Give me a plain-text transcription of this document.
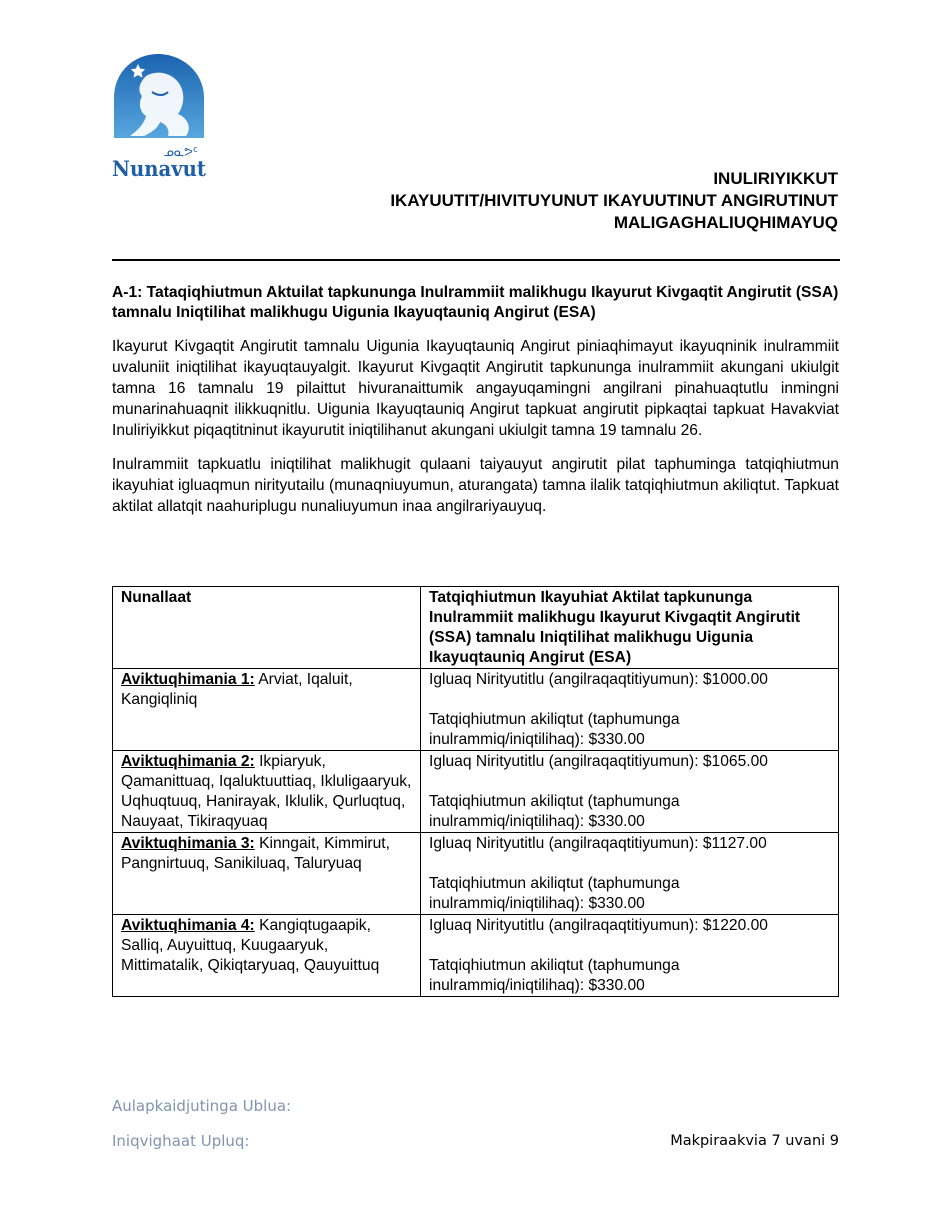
ᓄᓇᕗᑦ
Nunavut	INULIRIYIKKUT
IKAYUUTIT/HIVITUYUNUT IKAYUUTINUT ANGIRUTINUT
MALIGAGHALIUQHIMAYUQ
A-1: Tataqiqhiutmun Aktuilat tapkununga Inulrammiit malikhugu Ikayurut Kivgaqtit Angirutit (SSA) tamnalu Iniqtilihat malikhugu Uigunia Ikayuqtauniq Angirut (ESA)

Ikayurut Kivgaqtit Angirutit tamnalu Uigunia Ikayuqtauniq Angirut piniaqhimayut ikayuqninik inulrammiit uvaluniit iniqtilihat ikayuqtauyalgit. Ikayurut Kivgaqtit Angirutit tapkununga inulrammiit akungani ukiulgit tamna 16 tamnalu 19 pilaittut hivuranaittumik angayuqamingni angilrani pinahuaqtutlu inmingni munarinahuaqnit ilikkuqnitlu. Uigunia Ikayuqtauniq Angirut tapkuat angirutit pipkaqtai tapkuat Havakviat Inuliriyikkut piqaqtitninut ikayurutit iniqtilihanut akungani ukiulgit tamna 19 tamnalu 26.

Inulrammiit tapkuatlu iniqtilihat malikhugit qulaani taiyauyut angirutit pilat taphuminga tatqiqhiutmun ikayuhiat igluaqmun nirityutailu (munaqniuyumun, aturangata) tamna ilalik tatqiqhiutmun akiliqtut. Tapkuat aktilat allatqit naahuriplugu nunaliuyumun inaa angilrariyauyuq.

Nunallaat	Tatqiqhiutmun Ikayuhiat Aktilat tapkununga Inulrammiit malikhugu Ikayurut Kivgaqtit Angirutit (SSA) tamnalu Iniqtilihat malikhugu Uigunia Ikayuqtauniq Angirut (ESA)
Aviktuqhimania 1: Arviat, Iqaluit, Kangiqliniq	Igluaq Nirityutitlu (angilraqaqtitiyumun): $1000.00
Tatqiqhiutmun akiliqtut (taphumunga inulrammiq/iniqtilihaq): $330.00

Aviktuqhimania 2: Ikpiaryuk, Qamanittuaq, Iqaluktuuttiaq, Ikluligaaryuk, Uqhuqtuuq, Hanirayak, Iklulik, Qurluqtuq, Nauyaat, Tikiraqyuaq	Igluaq Nirityutitlu (angilraqaqtitiyumun): $1065.00
Tatqiqhiutmun akiliqtut (taphumunga inulrammiq/iniqtilihaq): $330.00

Aviktuqhimania 3: Kinngait, Kimmirut, Pangnirtuuq, Sanikiluaq, Taluryuaq	Igluaq Nirityutitlu (angilraqaqtitiyumun): $1127.00
Tatqiqhiutmun akiliqtut (taphumunga inulrammiq/iniqtilihaq): $330.00

Aviktuqhimania 4: Kangiqtugaapik, Salliq, Auyuittuq, Kuugaaryuk, Mittimatalik, Qikiqtaryuaq, Qauyuittuq	Igluaq Nirityutitlu (angilraqaqtitiyumun): $1220.00
Tatqiqhiutmun akiliqtut (taphumunga inulrammiq/iniqtilihaq): $330.00
Aulapkaidjutinga Ublua:
Iniqvighaat Upluq:	Makpiraakvia 7 uvani 9
